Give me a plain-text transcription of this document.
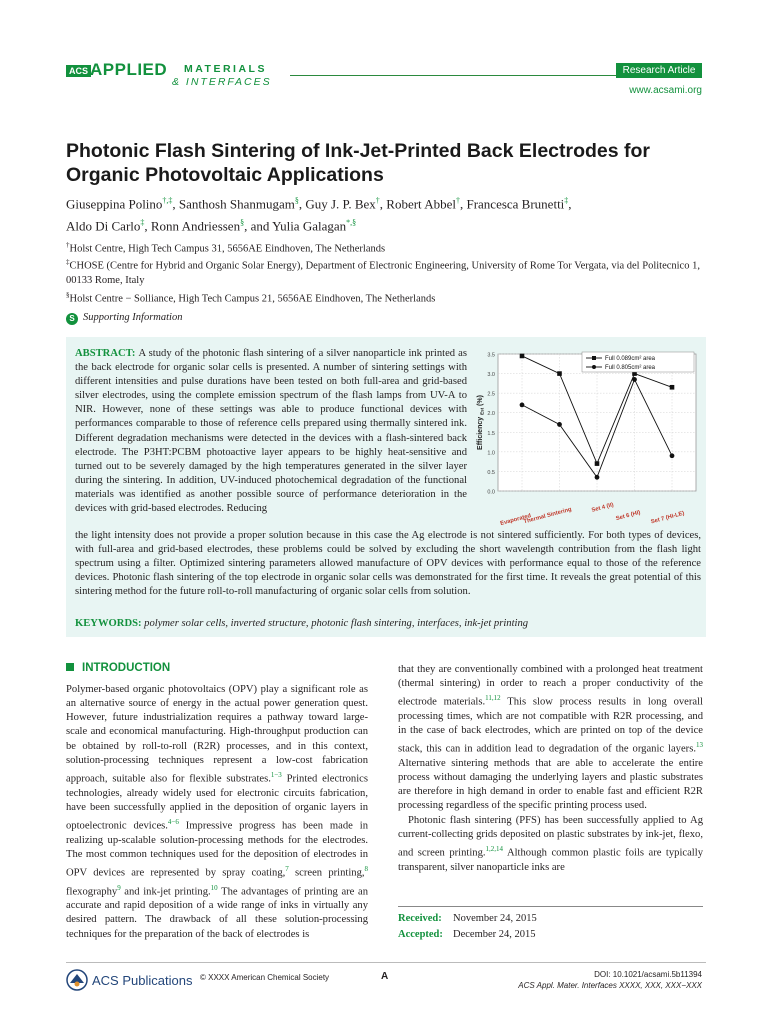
ACS APPLIED MATERIALS
& INTERFACES
Research Article
www.acsami.org
Photonic Flash Sintering of Ink-Jet-Printed Back Electrodes for Organic Photovoltaic Applications
Giuseppina Polino†,‡, Santhosh Shanmugam§, Guy J. P. Bex†, Robert Abbel†, Francesca Brunetti‡,
Aldo Di Carlo‡, Ronn Andriessen§, and Yulia Galagan*,§
†Holst Centre, High Tech Campus 31, 5656AE Eindhoven, The Netherlands
‡CHOSE (Centre for Hybrid and Organic Solar Energy), Department of Electronic Engineering, University of Rome Tor Vergata, via del Politecnico 1, 00133 Rome, Italy
§Holst Centre − Solliance, High Tech Campus 21, 5656AE Eindhoven, The Netherlands
S Supporting Information
ABSTRACT: A study of the photonic flash sintering of a silver nanoparticle ink printed as the back electrode for organic solar cells is presented. A number of sintering settings with different intensities and pulse durations have been tested on both full-area and grid-based silver electrodes, using the complete emission spectrum of the flash lamps from UV-A to NIR. However, none of these settings was able to produce functional devices with performances comparable to those of reference cells prepared using thermally sintered ink. Different degradation mechanisms were detected in the devices with a flash-sintered back electrode. The P3HT:PCBM photoactive layer appears to be highly heat-sensitive and turned out to be severely damaged by the high temperatures generated in the silver layer during the sintering. In addition, UV-induced photochemical degradation of the functional materials was identified as another possible source of performance deterioration in the devices with grid-based electrodes. Reducing
the light intensity does not provide a proper solution because in this case the Ag electrode is not sintered sufficiently. For both types of devices, with full-area and grid-based electrodes, these problems could be solved by excluding the short wavelength contribution from the flash light spectrum using a filter. Optimized sintering parameters allowed manufacture of OPV devices with performance equal to those of the reference devices. Photonic flash sintering of the top electrode in organic solar cells was demonstrated for the first time. It reveals the great potential of this sintering method for the future roll-to-roll manufacturing of organic solar cells from solution.
KEYWORDS: polymer solar cells, inverted structure, photonic flash sintering, interfaces, ink-jet printing
0.0
0.5
1.0
1.5
2.0
2.5
3.0
3.5
Evaporated
Thermal Sintering	Set 4 (II)
Set 6 (HI) Set 7 (HI-LE)
Efficiency $_{Est}$ (%)
Full 0.089cm² area
Full 0.805cm² area
INTRODUCTION
Polymer-based organic photovoltaics (OPV) play a significant role as an alternative source of energy in the actual power generation quest. However, future industrialization requires a pathway toward large-scale and economical manufacturing. High-throughput production can be obtained by roll-to-roll (R2R) processes, and in this context, solution-processing techniques represent a low-cost fabrication approach, suitable also for flexible substrates.$^{1-3}$ Printed electronics technologies, already widely used for electronic circuits fabrication, have been successfully applied in the deposition of organic layers in optoelectronic devices.$^{4-6}$ Impressive progress has been made in realizing up-scalable solution-processing methods for the electrodes. The most common techniques used for the deposition of electrodes in OPV devices are represented by spray coating,$^7$ screen printing,$^8$ flexography$^9$ and ink-jet printing.$^{10}$ The advantages of printing are an accurate and rapid deposition of a wide range of inks in virtually any desired pattern. The drawback of all these solution-processing techniques for the preparation of the back of electrodes is
that they are conventionally combined with a prolonged heat treatment (thermal sintering) in order to reach a proper conductivity of the electrode materials.$^{11,12}$ This slow process results in long overall processing times, which are not compatible with R2R processing, and in the case of back electrodes, which are printed on top of the device stack, this can in addition lead to degradation of the organic layers.$^{13}$ Alternative sintering methods that are able to accelerate the entire process without damaging the underlying layers and plastic substrates are therefore in high demand in order to enable fast and efficient R2R processing regardless of the specific printing process used.
Photonic flash sintering (PFS) has been successfully applied to Ag current-collecting grids deposited on plastic substrates by ink-jet, flexo, and screen printing.$^{1,2,14}$ Although common plastic foils are typically transparent, silver nanoparticle inks are
Received: November 24, 2015
Accepted: December 24, 2015
ACS Publications © XXXX American Chemical Society	A	DOI: 10.1021/acsami.5b11394
ACS Appl. Mater. Interfaces XXXX, XXX, XXX−XXX
